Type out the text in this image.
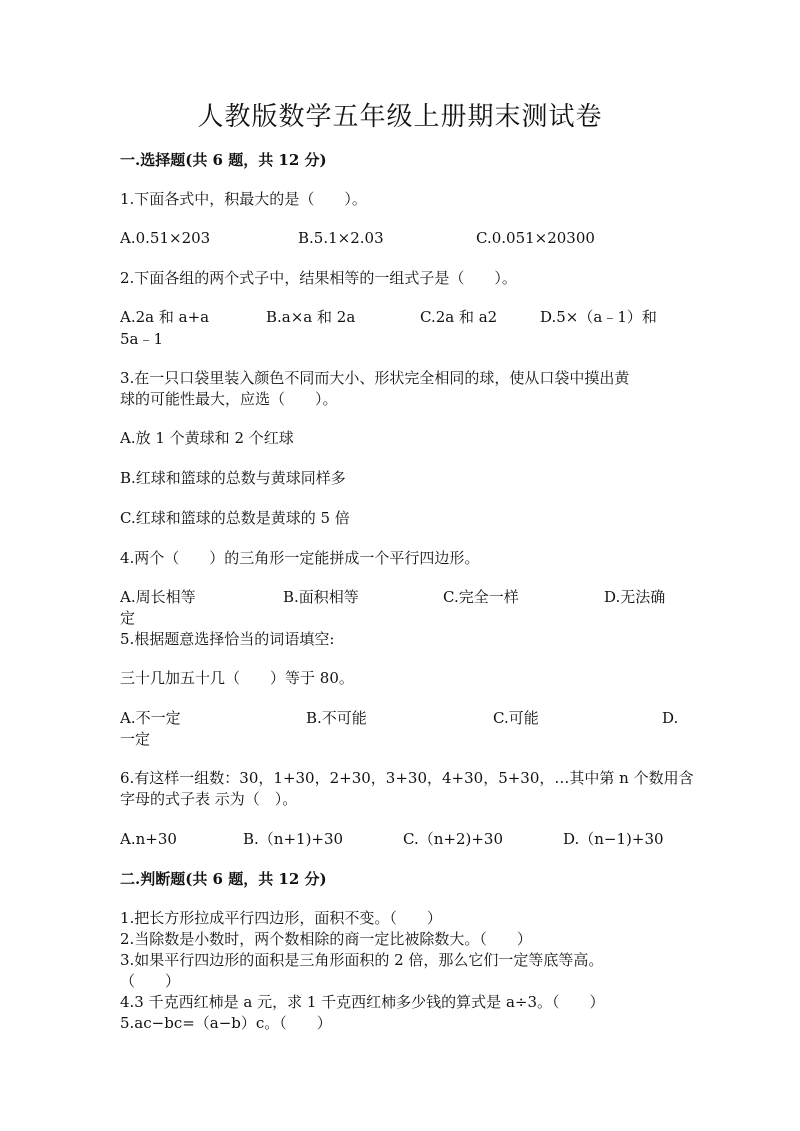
人教版数学五年级上册期末测试卷
一.选择题(共 6 题，共 12 分)
1.下面各式中，积最大的是（　　）。
A.0.51×203	B.5.1×2.03	C.0.051×20300
2.下面各组的两个式子中，结果相等的一组式子是（　　）。
A.2a 和 a+a	B.a×a 和 2a	C.2a 和 a2	D.5×（a﹣1）和
5a﹣1
3.在一只口袋里装入颜色不同而大小、形状完全相同的球，使从口袋中摸出黄
球的可能性最大，应选（　　）。
A.放 1 个黄球和 2 个红球
B.红球和篮球的总数与黄球同样多
C.红球和篮球的总数是黄球的 5 倍
4.两个（　　）的三角形一定能拼成一个平行四边形。
A.周长相等	B.面积相等	C.完全一样	D.无法确
定
5.根据题意选择恰当的词语填空:
三十几加五十几（　　）等于 80。
A.不一定	B.不可能	C.可能	D.
一定
6.有这样一组数：30，1+30，2+30，3+30，4+30，5+30，…其中第 n 个数用含
字母的式子表 示为（　）。
A.n+30	B.（n+1)+30	C.（n+2)+30	D.（n−1)+30
二.判断题(共 6 题，共 12 分)
1.把长方形拉成平行四边形，面积不变。（　　）
2.当除数是小数时，两个数相除的商一定比被除数大。（　　）
3.如果平行四边形的面积是三角形面积的 2 倍，那么它们一定等底等高。
（　　）
4.3 千克西红柿是 a 元，求 1 千克西红柿多少钱的算式是 a÷3。（　　）
5.ac−bc=（a−b）c。（　　）
